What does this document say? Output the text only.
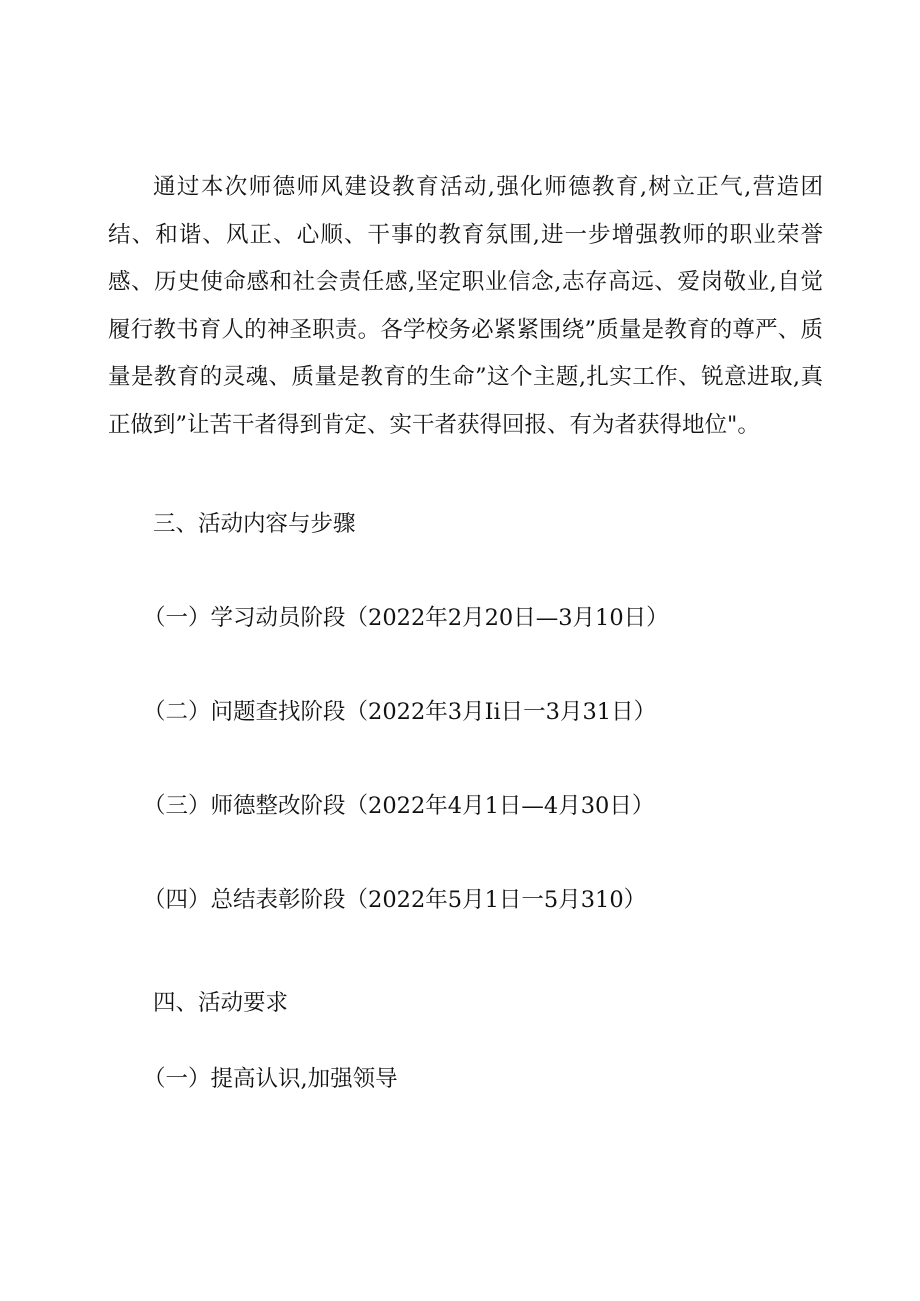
通过本次师德师风建设教育活动,强化师德教育,树立正气,营造团结、和谐、风正、心顺、干事的教育氛围,进一步增强教师的职业荣誉感、历史使命感和社会责任感,坚定职业信念,志存高远、爱岗敬业,自觉履行教书育人的神圣职责。各学校务必紧紧围绕”质量是教育的尊严、质量是教育的灵魂、质量是教育的生命”这个主题,扎实工作、锐意进取,真正做到”让苦干者得到肯定、实干者获得回报、有为者获得地位"。

三、活动内容与步骤

（一）学习动员阶段（2022年2月20日—3月10日）

（二）问题查找阶段（2022年3月Ii日一3月31日）

（三）师德整改阶段（2022年4月1日—4月30日）

（四）总结表彰阶段（2022年5月1日一5月310）

四、活动要求

（一）提高认识,加强领导
